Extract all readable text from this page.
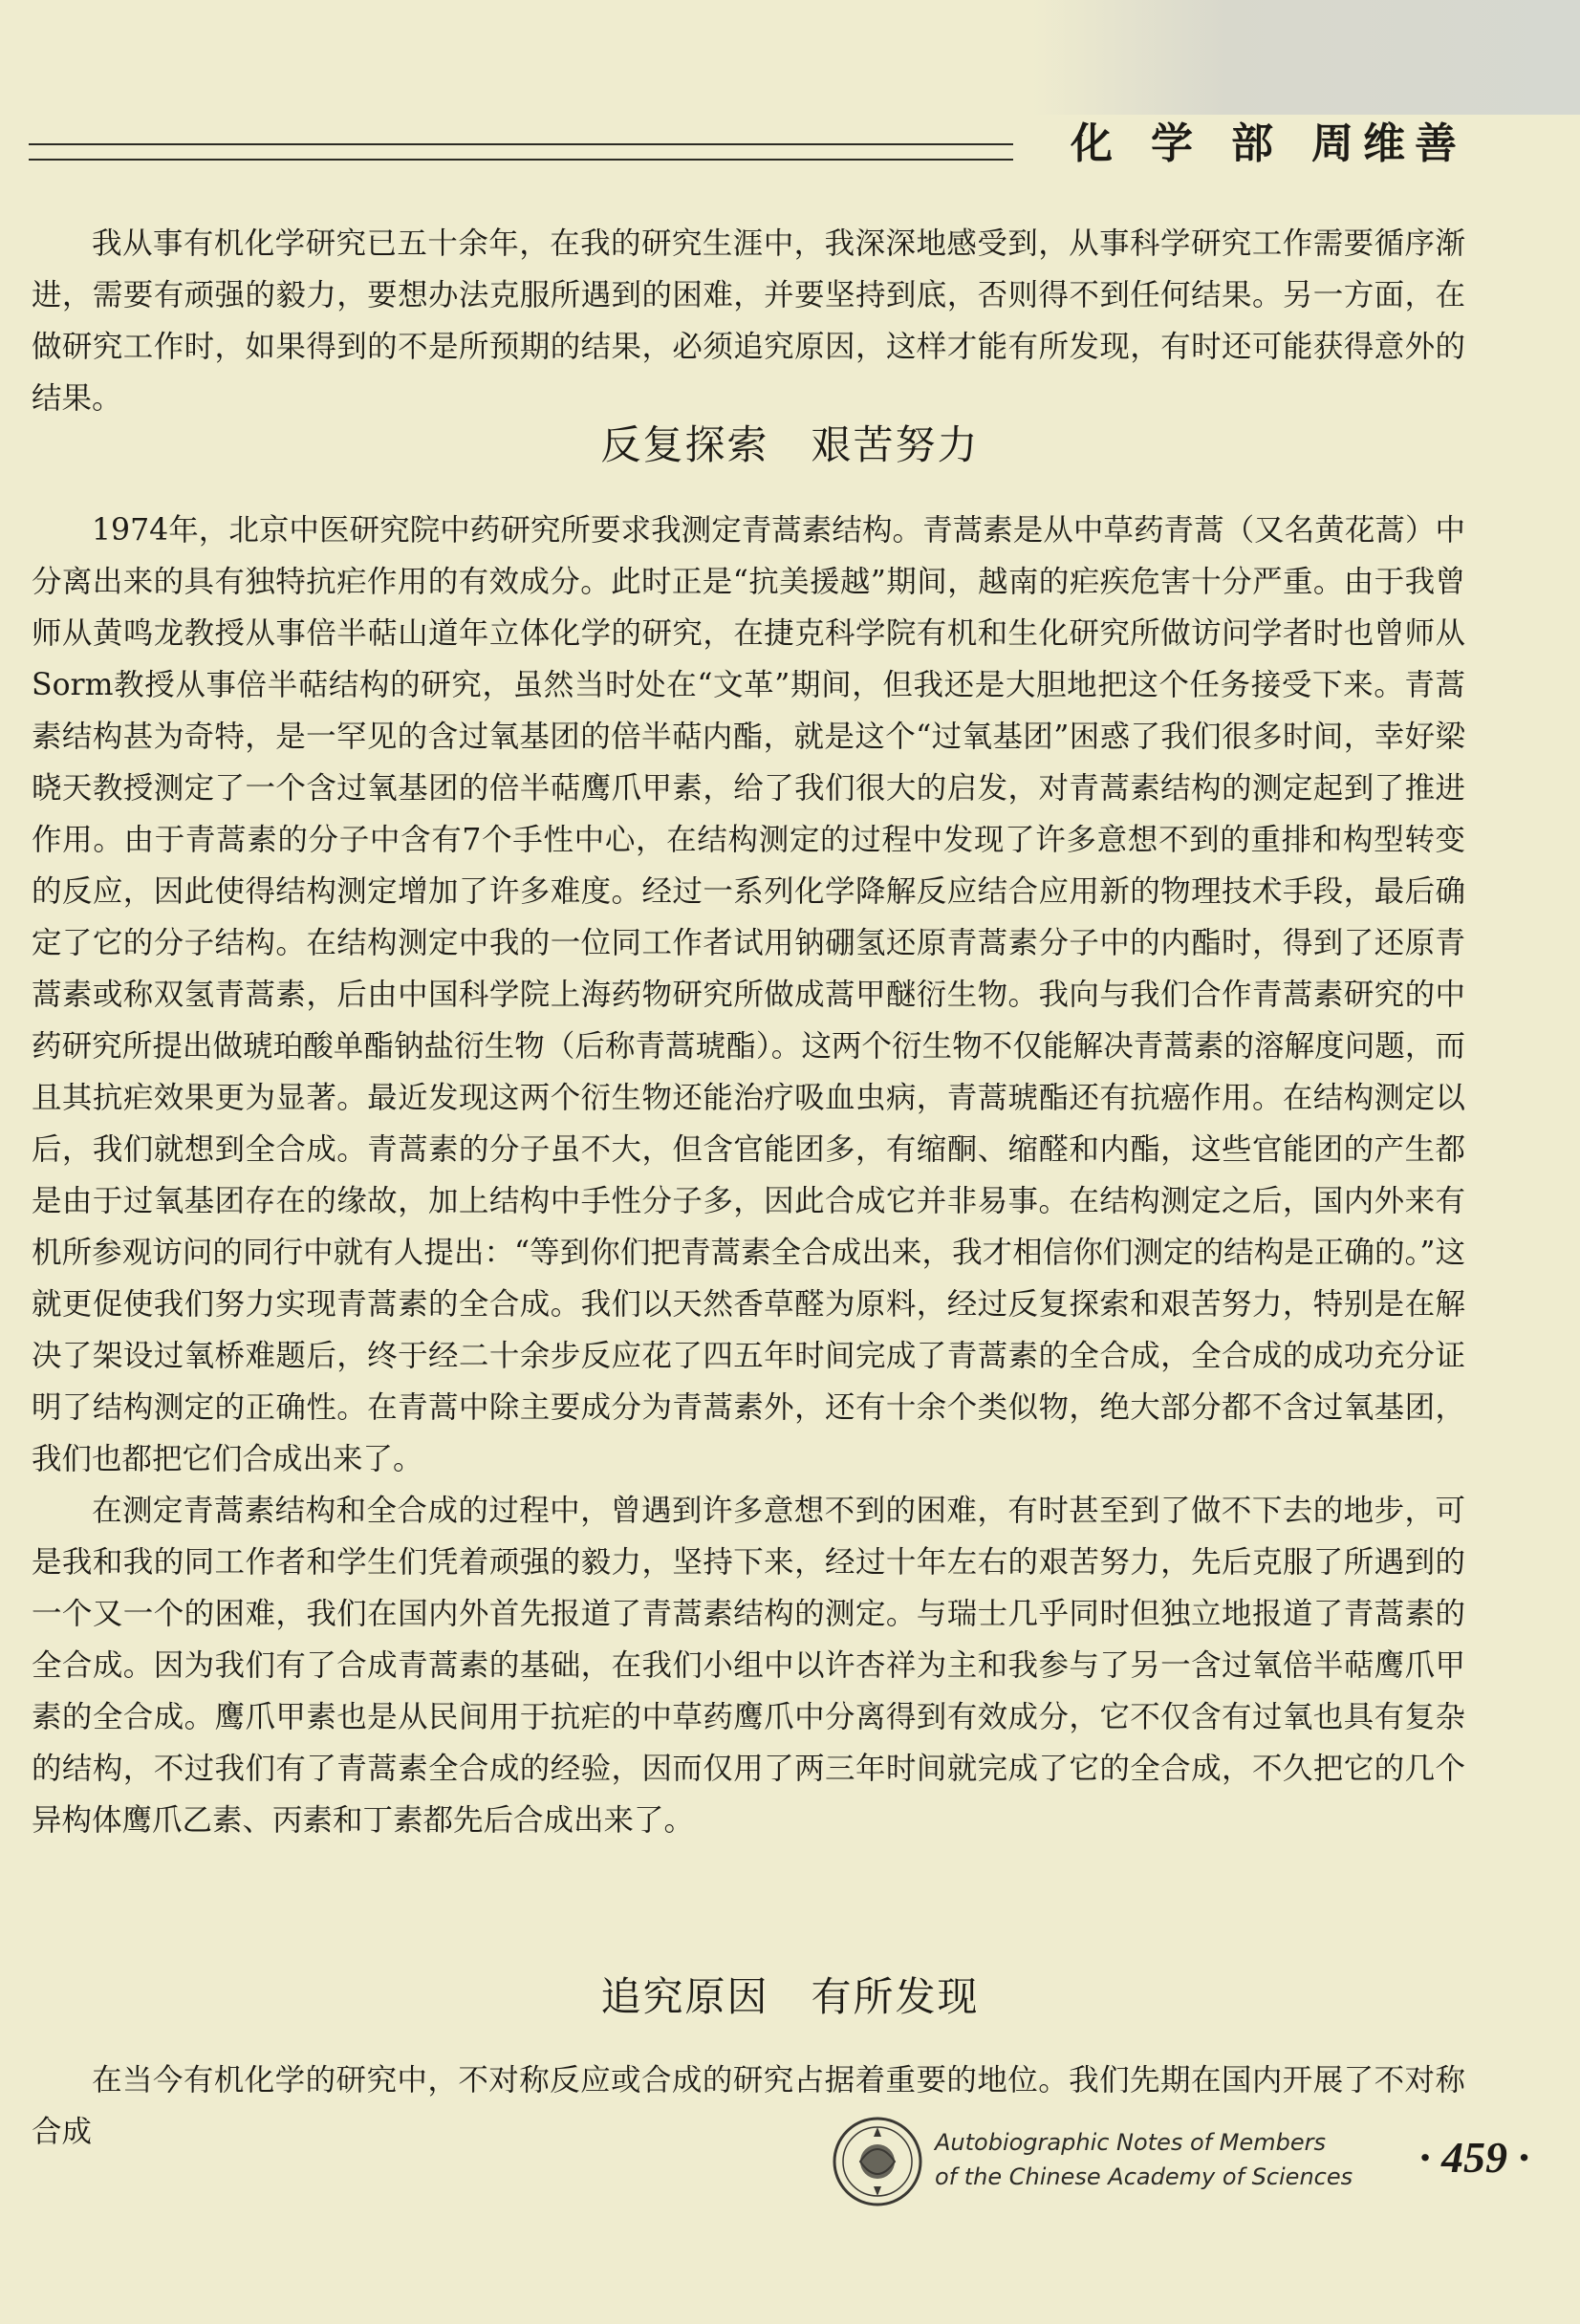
化学部周维善

我从事有机化学研究已五十余年，在我的研究生涯中，我深深地感受到，从事科学研究工作需要循序渐进，需要有顽强的毅力，要想办法克服所遇到的困难，并要坚持到底，否则得不到任何结果。另一方面，在做研究工作时，如果得到的不是所预期的结果，必须追究原因，这样才能有所发现，有时还可能获得意外的结果。

反复探索　艰苦努力

1974年，北京中医研究院中药研究所要求我测定青蒿素结构。青蒿素是从中草药青蒿（又名黄花蒿）中分离出来的具有独特抗疟作用的有效成分。此时正是“抗美援越”期间，越南的疟疾危害十分严重。由于我曾师从黄鸣龙教授从事倍半萜山道年立体化学的研究，在捷克科学院有机和生化研究所做访问学者时也曾师从Sorm教授从事倍半萜结构的研究，虽然当时处在“文革”期间，但我还是大胆地把这个任务接受下来。青蒿素结构甚为奇特，是一罕见的含过氧基团的倍半萜内酯，就是这个“过氧基团”困惑了我们很多时间，幸好梁晓天教授测定了一个含过氧基团的倍半萜鹰爪甲素，给了我们很大的启发，对青蒿素结构的测定起到了推进作用。由于青蒿素的分子中含有7个手性中心，在结构测定的过程中发现了许多意想不到的重排和构型转变的反应，因此使得结构测定增加了许多难度。经过一系列化学降解反应结合应用新的物理技术手段，最后确定了它的分子结构。在结构测定中我的一位同工作者试用钠硼氢还原青蒿素分子中的内酯时，得到了还原青蒿素或称双氢青蒿素，后由中国科学院上海药物研究所做成蒿甲醚衍生物。我向与我们合作青蒿素研究的中药研究所提出做琥珀酸单酯钠盐衍生物（后称青蒿琥酯）。这两个衍生物不仅能解决青蒿素的溶解度问题，而且其抗疟效果更为显著。最近发现这两个衍生物还能治疗吸血虫病，青蒿琥酯还有抗癌作用。在结构测定以后，我们就想到全合成。青蒿素的分子虽不大，但含官能团多，有缩酮、缩醛和内酯，这些官能团的产生都是由于过氧基团存在的缘故，加上结构中手性分子多，因此合成它并非易事。在结构测定之后，国内外来有机所参观访问的同行中就有人提出：“等到你们把青蒿素全合成出来，我才相信你们测定的结构是正确的。”这就更促使我们努力实现青蒿素的全合成。我们以天然香草醛为原料，经过反复探索和艰苦努力，特别是在解决了架设过氧桥难题后，终于经二十余步反应花了四五年时间完成了青蒿素的全合成，全合成的成功充分证明了结构测定的正确性。在青蒿中除主要成分为青蒿素外，还有十余个类似物，绝大部分都不含过氧基团，我们也都把它们合成出来了。

在测定青蒿素结构和全合成的过程中，曾遇到许多意想不到的困难，有时甚至到了做不下去的地步，可是我和我的同工作者和学生们凭着顽强的毅力，坚持下来，经过十年左右的艰苦努力，先后克服了所遇到的一个又一个的困难，我们在国内外首先报道了青蒿素结构的测定。与瑞士几乎同时但独立地报道了青蒿素的全合成。因为我们有了合成青蒿素的基础，在我们小组中以许杏祥为主和我参与了另一含过氧倍半萜鹰爪甲素的全合成。鹰爪甲素也是从民间用于抗疟的中草药鹰爪中分离得到有效成分，它不仅含有过氧也具有复杂的结构，不过我们有了青蒿素全合成的经验，因而仅用了两三年时间就完成了它的全合成，不久把它的几个异构体鹰爪乙素、丙素和丁素都先后合成出来了。

追究原因　有所发现

在当今有机化学的研究中，不对称反应或合成的研究占据着重要的地位。我们先期在国内开展了不对称合成	Autobiographic Notes of Members
of the Chinese Academy of Sciences	· 459 ·
